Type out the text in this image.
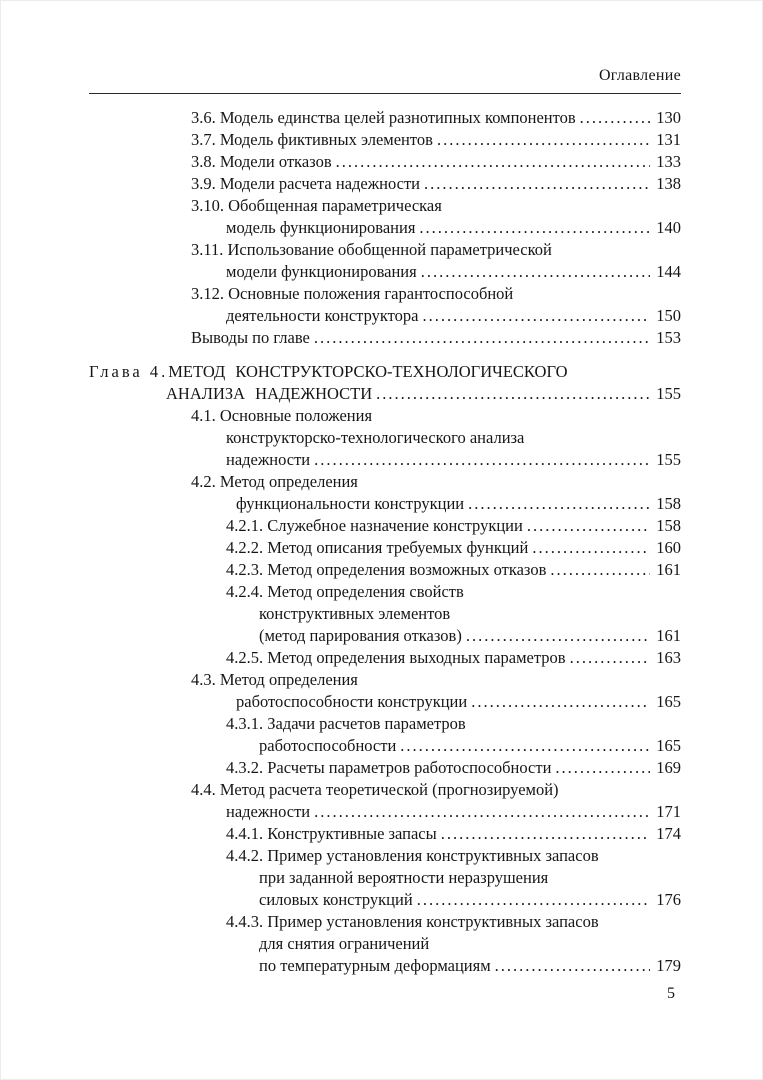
Оглавление
3.6. Модель единства целей разнотипных компонентов .....	130
3.7. Модель фиктивных элементов .....	131
3.8. Модели отказов .....	133
3.9. Модели расчета надежности .....	138
3.10. Обобщенная параметрическая
модель функционирования .....	140
3.11. Использование обобщенной параметрической
модели функционирования .....	144
3.12. Основные положения гарантоспособной
деятельности конструктора .....	150
Выводы по главе .....	153
Глава 4. МЕТОД КОНСТРУКТОРСКО-ТЕХНОЛОГИЧЕСКОГО
АНАЛИЗА НАДЕЖНОСТИ .....	155
4.1. Основные положения
конструкторско-технологического анализа
надежности .....	155
4.2. Метод определения
функциональности конструкции .....	158
4.2.1. Служебное назначение конструкции .....	158
4.2.2. Метод описания требуемых функций .....	160
4.2.3. Метод определения возможных отказов .....	161
4.2.4. Метод определения свойств
конструктивных элементов
(метод парирования отказов) .....	161
4.2.5. Метод определения выходных параметров .....	163
4.3. Метод определения
работоспособности конструкции .....	165
4.3.1. Задачи расчетов параметров
работоспособности .....	165
4.3.2. Расчеты параметров работоспособности .....	169
4.4. Метод расчета теоретической (прогнозируемой)
надежности .....	171
4.4.1. Конструктивные запасы .....	174
4.4.2. Пример установления конструктивных запасов
при заданной вероятности неразрушения
силовых конструкций .....	176
4.4.3. Пример установления конструктивных запасов
для снятия ограничений
по температурным деформациям .....	179
5
